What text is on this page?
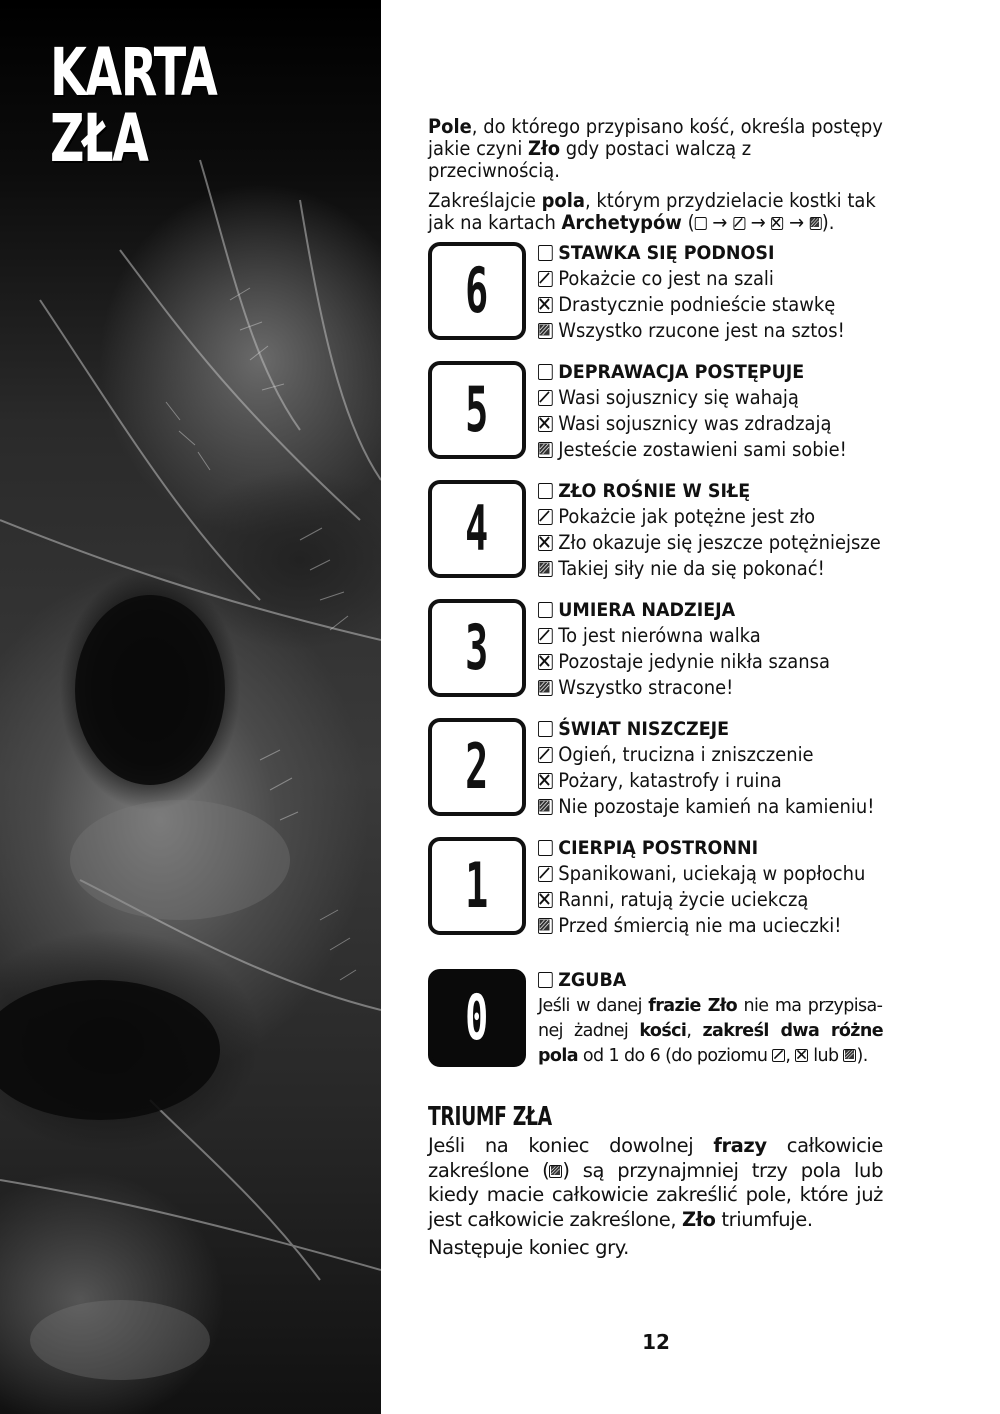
KARTA
ZŁA	Pole, do którego przypisano kość, określa postępy jakie czyni Zło gdy postaci walczą z przeciwnością.

Zakreślajcie pola, którym przydzielacie kostki tak jak na kartach Archetypów (
→
→ ☒ →
).

6
STAWKA SIĘ PODNOSI
Pokażcie co jest na szali
Drastycznie podnieście stawkę
Wszystko rzucone jest na sztos!
5
DEPRAWACJA POSTĘPUJE
Wasi sojusznicy się wahają
Wasi sojusznicy was zdradzają
Jesteście zostawieni sami sobie!
4
ZŁO ROŚNIE W SIŁĘ
Pokażcie jak potężne jest zło
Zło okazuje się jeszcze potężniejsze
Takiej siły nie da się pokonać!
3
UMIERA NADZIEJA
To jest nierówna walka
Pozostaje jedynie nikła szansa
Wszystko stracone!
2
ŚWIAT NISZCZEJE
Ogień, trucizna i zniszczenie
Pożary, katastrofy i ruina
Nie pozostaje kamień na kamieniu!
1
CIERPIĄ POSTRONNI
Spanikowani, uciekają w popłochu
Ranni, ratują życie uciekczą
Przed śmiercią nie ma ucieczki!
0
ZGUBA

Jeśli w danej frazie Zło nie ma przypisanej żadnej kości, zakreśl dwa różne pola od 1 do 6 (do poziomu
, ☒ lub
).

TRIUMF ZŁA

Jeśli na koniec dowolnej frazy całkowicie zakreślone ( ) są przynajmniej trzy pola lub kiedy macie całkowicie zakreślić pole, które już jest całkowicie zakreślone, Zło triumfuje.

Następuje koniec gry.

12
